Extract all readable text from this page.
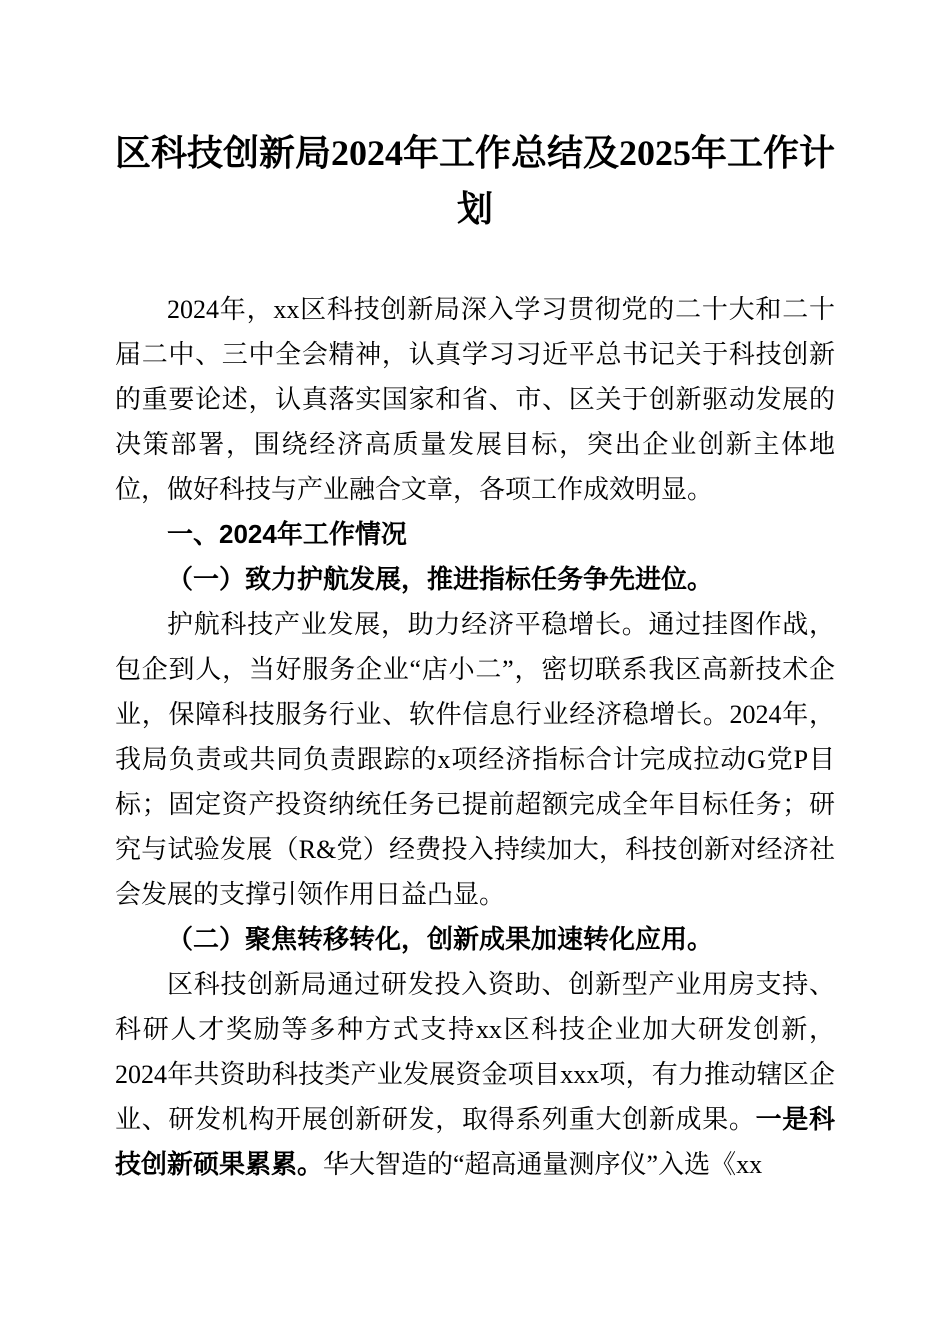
区科技创新局2024年工作总结及2025年工作计划

2024年，xx区科技创新局深入学习贯彻党的二十大和二十届二中、三中全会精神，认真学习习近平总书记关于科技创新的重要论述，认真落实国家和省、市、区关于创新驱动发展的决策部署，围绕经济高质量发展目标，突出企业创新主体地位，做好科技与产业融合文章，各项工作成效明显。

一、2024年工作情况
（一）致力护航发展，推进指标任务争先进位。

护航科技产业发展，助力经济平稳增长。通过挂图作战，包企到人，当好服务企业“店小二”，密切联系我区高新技术企业，保障科技服务行业、软件信息行业经济稳增长。2024年，我局负责或共同负责跟踪的x项经济指标合计完成拉动G党P目标；固定资产投资纳统任务已提前超额完成全年目标任务；研究与试验发展（R&党）经费投入持续加大，科技创新对经济社会发展的支撑引领作用日益凸显。

（二）聚焦转移转化，创新成果加速转化应用。

区科技创新局通过研发投入资助、创新型产业用房支持、科研人才奖励等多种方式支持xx区科技企业加大研发创新，2024年共资助科技类产业发展资金项目xxx项，有力推动辖区企业、研发机构开展创新研发，取得系列重大创新成果。一是科技创新硕果累累。华大智造的“超高通量测序仪”入选《xx
